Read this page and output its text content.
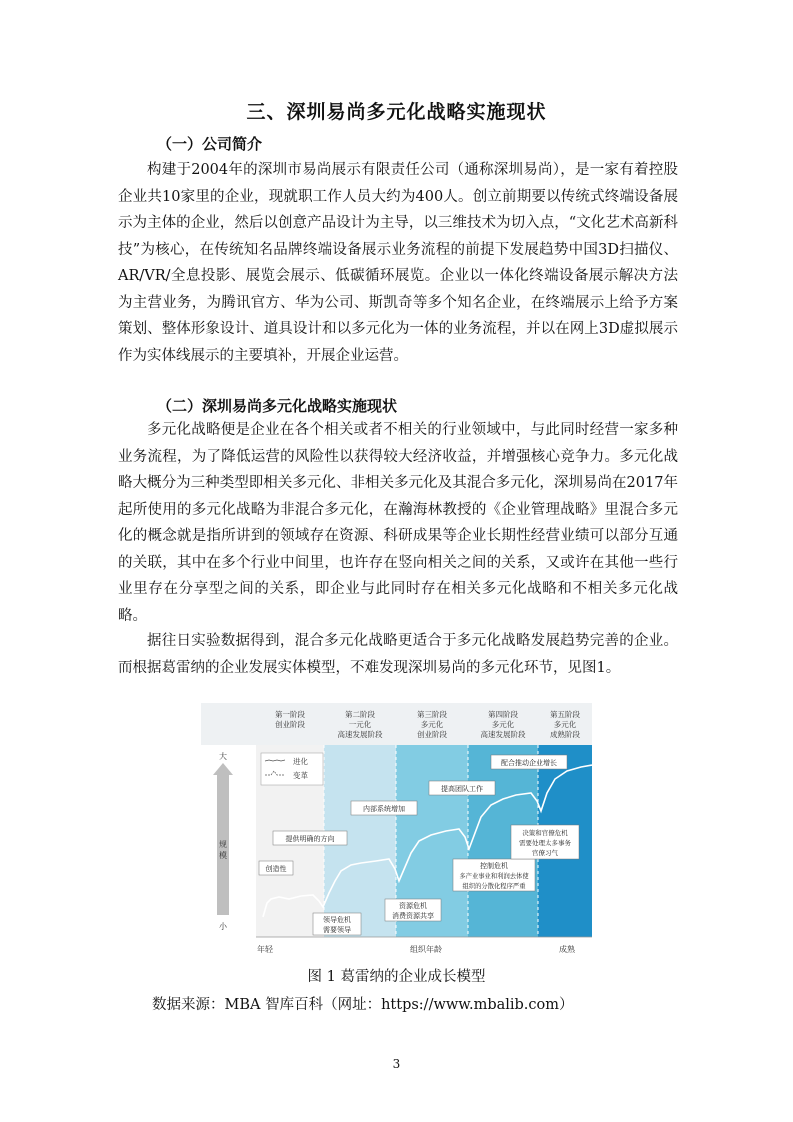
三、深圳易尚多元化战略实施现状
（一）公司简介

构建于2004年的深圳市易尚展示有限责任公司（通称深圳易尚），是一家有着控股企业共10家里的企业，现就职工作人员大约为400人。创立前期要以传统式终端设备展示为主体的企业，然后以创意产品设计为主导，以三维技术为切入点，“文化艺术高新科技”为核心，在传统知名品牌终端设备展示业务流程的前提下发展趋势中国3D扫描仪、AR/VR/全息投影、展览会展示、低碳循环展览。企业以一体化终端设备展示解决方法为主营业务，为腾讯官方、华为公司、斯凯奇等多个知名企业，在终端展示上给予方案策划、整体形象设计、道具设计和以多元化为一体的业务流程，并以在网上3D虚拟展示作为实体线展示的主要填补，开展企业运营。

（二）深圳易尚多元化战略实施现状

多元化战略便是企业在各个相关或者不相关的行业领域中，与此同时经营一家多种业务流程，为了降低运营的风险性以获得较大经济收益，并增强核心竞争力。多元化战略大概分为三种类型即相关多元化、非相关多元化及其混合多元化，深圳易尚在2017年起所使用的多元化战略为非混合多元化，在瀚海林教授的《企业管理战略》里混合多元化的概念就是指所讲到的领域存在资源、科研成果等企业长期性经营业绩可以部分互通的关联，其中在多个行业中间里，也许存在竖向相关之间的关系，又或许在其他一些行业里存在分享型之间的关系，即企业与此同时存在相关多元化战略和不相关多元化战略。

据往日实验数据得到，混合多元化战略更适合于多元化战略发展趋势完善的企业。而根据葛雷纳的企业发展实体模型，不难发现深圳易尚的多元化环节，见图1。

第一阶段
创业阶段
第二阶段
一元化
高速发展阶段
第三阶段
多元化
创业阶段
第四阶段
多元化
高速发展阶段
第五阶段
多元化
成熟阶段
大
小
规
模
年轻	组织年龄	成熟
进化
变革
创造性
提供明确的方向
领导危机
需要领导
内部系统增加
资源危机
消费资源共享
提高团队工作
控制危机
多产业事业和利润去体使
组织的分散化程序严重
配合推动企业增长
决策和官僚危机
需要处理太多事务
官僚习气
图 1 葛雷纳的企业成长模型
数据来源：MBA 智库百科（网址：https://www.mbalib.com）
3
